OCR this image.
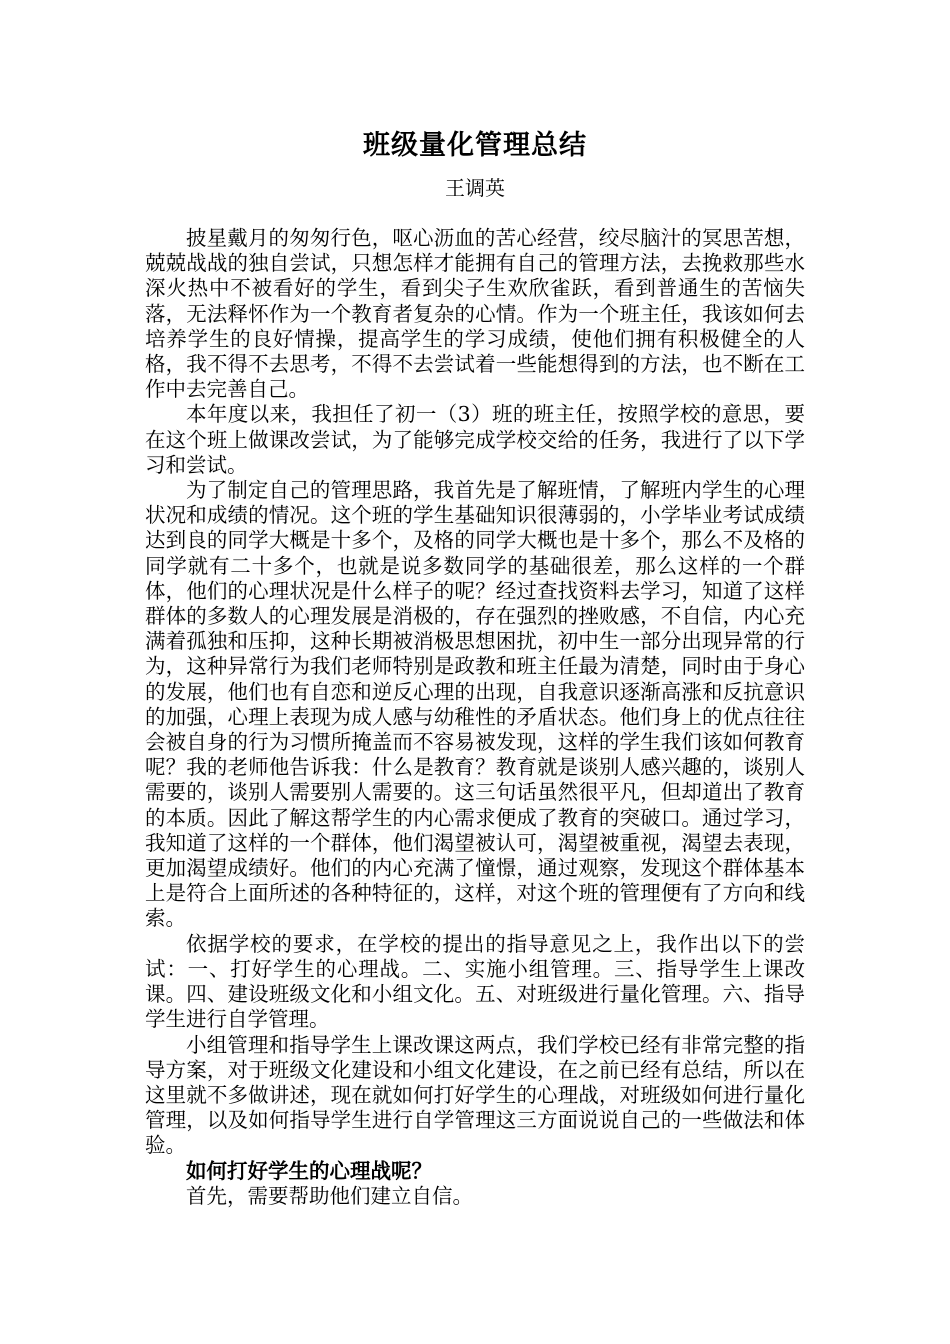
班级量化管理总结
王调英

披星戴月的匆匆行色，呕心沥血的苦心经营，绞尽脑汁的冥思苦想，兢兢战战的独自尝试，只想怎样才能拥有自己的管理方法，去挽救那些水深火热中不被看好的学生，看到尖子生欢欣雀跃，看到普通生的苦恼失落，无法释怀作为一个教育者复杂的心情。作为一个班主任，我该如何去培养学生的良好情操，提高学生的学习成绩，使他们拥有积极健全的人格，我不得不去思考，不得不去尝试着一些能想得到的方法，也不断在工作中去完善自己。

本年度以来，我担任了初一（3）班的班主任，按照学校的意思，要在这个班上做课改尝试，为了能够完成学校交给的任务，我进行了以下学习和尝试。

为了制定自己的管理思路，我首先是了解班情，了解班内学生的心理状况和成绩的情况。这个班的学生基础知识很薄弱的，小学毕业考试成绩达到良的同学大概是十多个，及格的同学大概也是十多个，那么不及格的同学就有二十多个，也就是说多数同学的基础很差，那么这样的一个群体，他们的心理状况是什么样子的呢？经过查找资料去学习，知道了这样群体的多数人的心理发展是消极的，存在强烈的挫败感，不自信，内心充满着孤独和压抑，这种长期被消极思想困扰，初中生一部分出现异常的行为，这种异常行为我们老师特别是政教和班主任最为清楚，同时由于身心的发展，他们也有自恋和逆反心理的出现，自我意识逐渐高涨和反抗意识的加强，心理上表现为成人感与幼稚性的矛盾状态。他们身上的优点往往会被自身的行为习惯所掩盖而不容易被发现，这样的学生我们该如何教育呢？我的老师他告诉我：什么是教育？教育就是谈别人感兴趣的，谈别人需要的，谈别人需要别人需要的。这三句话虽然很平凡，但却道出了教育的本质。因此了解这帮学生的内心需求便成了教育的突破口。通过学习，我知道了这样的一个群体，他们渴望被认可，渴望被重视，渴望去表现，更加渴望成绩好。他们的内心充满了憧憬，通过观察，发现这个群体基本上是符合上面所述的各种特征的，这样，对这个班的管理便有了方向和线索。

依据学校的要求，在学校的提出的指导意见之上，我作出以下的尝试：一、打好学生的心理战。二、实施小组管理。三、指导学生上课改课。四、建设班级文化和小组文化。五、对班级进行量化管理。六、指导学生进行自学管理。

小组管理和指导学生上课改课这两点，我们学校已经有非常完整的指导方案，对于班级文化建设和小组文化建设，在之前已经有总结，所以在这里就不多做讲述，现在就如何打好学生的心理战，对班级如何进行量化管理，以及如何指导学生进行自学管理这三方面说说自己的一些做法和体验。

如何打好学生的心理战呢？

首先，需要帮助他们建立自信。
